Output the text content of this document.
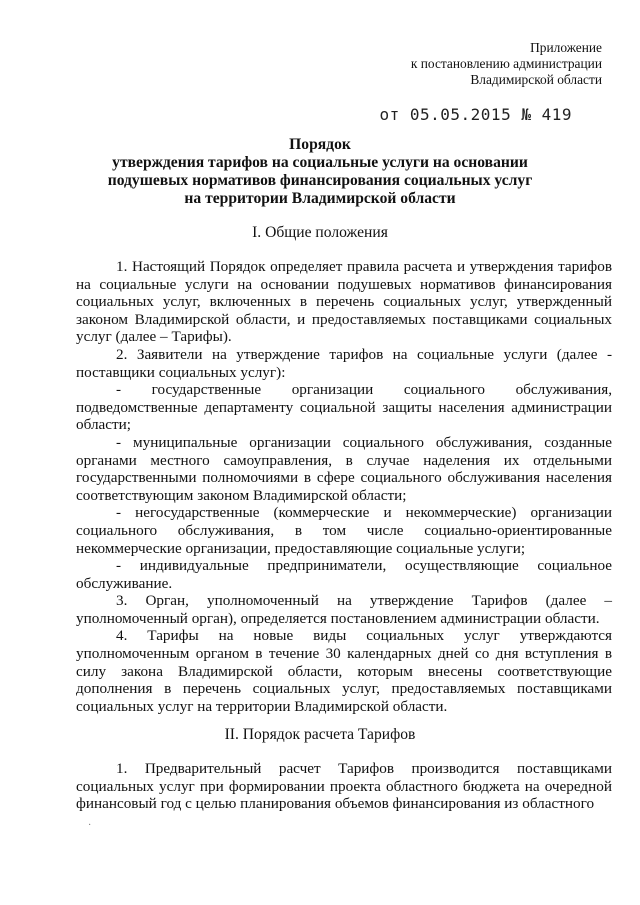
Приложение
к постановлению администрации
Владимирской области
от 05.05.2015 № 419
Порядок
утверждения тарифов на социальные услуги на основании
подушевых нормативов финансирования социальных услуг
на территории Владимирской области
I. Общие положения

1. Настоящий Порядок определяет правила расчета и утверждения тарифов на социальные услуги на основании подушевых нормативов финансирования социальных услуг, включенных в перечень социальных услуг, утвержденный законом Владимирской области, и предоставляемых поставщиками социальных услуг (далее – Тарифы).

2. Заявители на утверждение тарифов на социальные услуги (далее - поставщики социальных услуг):

- государственные организации социального обслуживания, подведомственные департаменту социальной защиты населения администрации области;

- муниципальные организации социального обслуживания, созданные органами местного самоуправления, в случае наделения их отдельными государственными полномочиями в сфере социального обслуживания населения соответствующим законом Владимирской области;

- негосударственные (коммерческие и некоммерческие) организации социального обслуживания, в том числе социально-ориентированные некоммерческие организации, предоставляющие социальные услуги;

- индивидуальные предприниматели, осуществляющие социальное обслуживание.

3. Орган, уполномоченный на утверждение Тарифов (далее – уполномоченный орган), определяется постановлением администрации области.

4. Тарифы на новые виды социальных услуг утверждаются уполномоченным органом в течение 30 календарных дней со дня вступления в силу закона Владимирской области, которым внесены соответствующие дополнения в перечень социальных услуг, предоставляемых поставщиками социальных услуг на территории Владимирской области.

II. Порядок расчета Тарифов

1. Предварительный расчет Тарифов производится поставщиками социальных услуг при формировании проекта областного бюджета на очередной финансовый год с целью планирования объемов финансирования из областного

·
